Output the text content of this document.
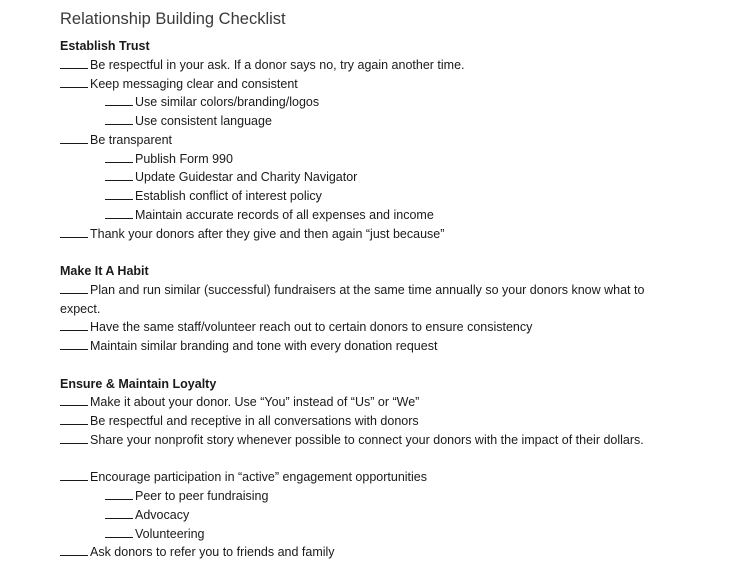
Relationship Building Checklist
Establish Trust
Be respectful in your ask. If a donor says no, try again another time.
Keep messaging clear and consistent
Use similar colors/branding/logos
Use consistent language
Be transparent
Publish Form 990
Update Guidestar and Charity Navigator
Establish conflict of interest policy
Maintain accurate records of all expenses and income
Thank your donors after they give and then again “just because”
Make It A Habit
Plan and run similar (successful) fundraisers at the same time annually so your donors know what to expect.
Have the same staff/volunteer reach out to certain donors to ensure consistency
Maintain similar branding and tone with every donation request
Ensure & Maintain Loyalty
Make it about your donor. Use “You” instead of “Us” or “We”
Be respectful and receptive in all conversations with donors
Share your nonprofit story whenever possible to connect your donors with the impact of their dollars.
Encourage participation in “active” engagement opportunities
Peer to peer fundraising
Advocacy
Volunteering
Ask donors to refer you to friends and family
